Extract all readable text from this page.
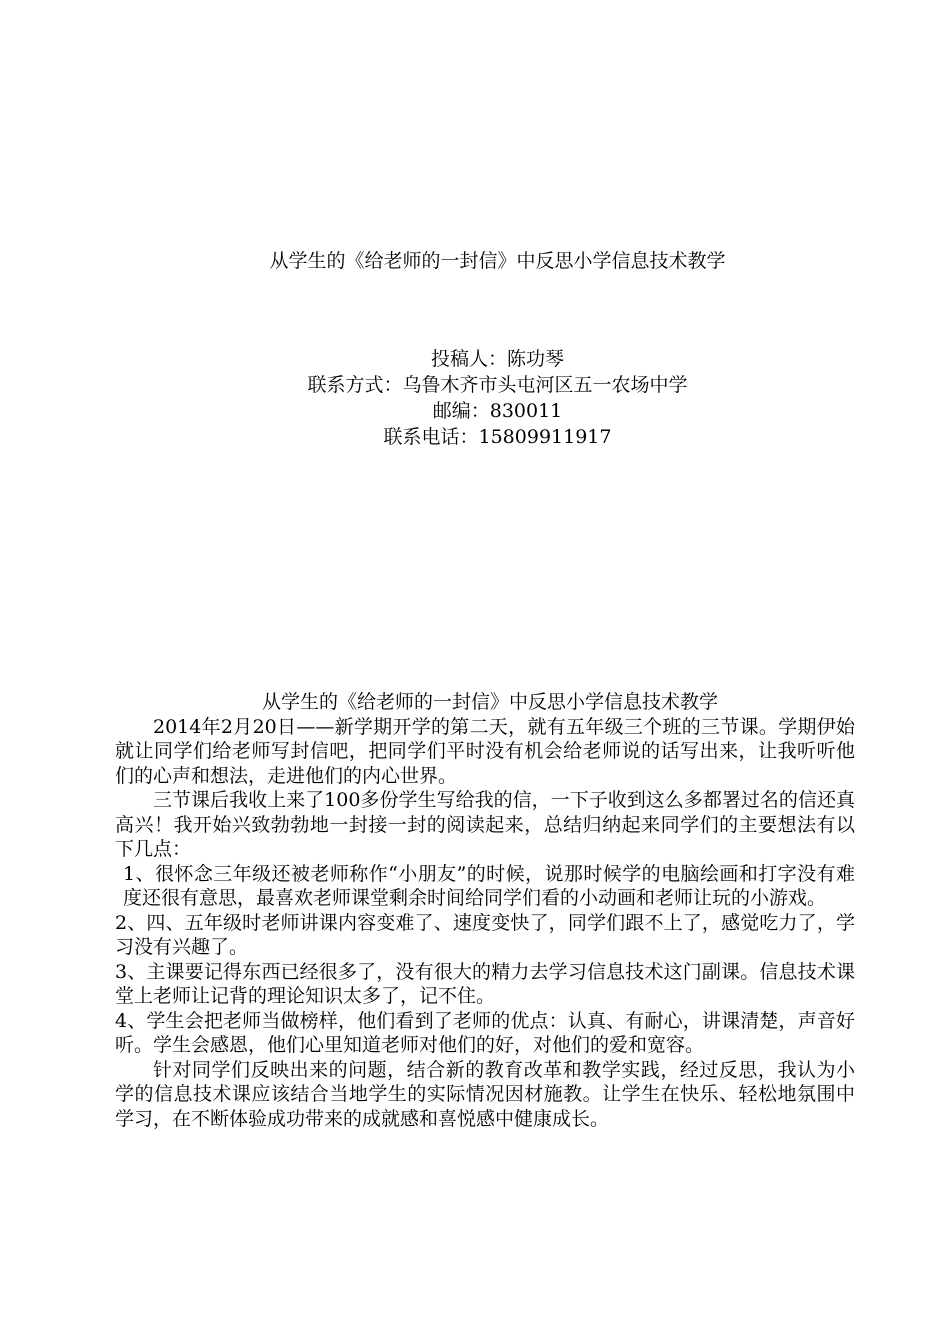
从学生的《给老师的一封信》中反思小学信息技术教学
投稿人：陈功琴
联系方式：乌鲁木齐市头屯河区五一农场中学
邮编：830011
联系电话：15809911917
从学生的《给老师的一封信》中反思小学信息技术教学

2014年2月20日——新学期开学的第二天，就有五年级三个班的三节课。学期伊始就让同学们给老师写封信吧，把同学们平时没有机会给老师说的话写出来，让我听听他们的心声和想法，走进他们的内心世界。

三节课后我收上来了100多份学生写给我的信，一下子收到这么多都署过名的信还真高兴！我开始兴致勃勃地一封接一封的阅读起来，总结归纳起来同学们的主要想法有以下几点：

1、很怀念三年级还被老师称作“小朋友”的时候，说那时候学的电脑绘画和打字没有难度还很有意思，最喜欢老师课堂剩余时间给同学们看的小动画和老师让玩的小游戏。

2、四、五年级时老师讲课内容变难了、速度变快了，同学们跟不上了，感觉吃力了，学习没有兴趣了。

3、主课要记得东西已经很多了，没有很大的精力去学习信息技术这门副课。信息技术课堂上老师让记背的理论知识太多了，记不住。

4、学生会把老师当做榜样，他们看到了老师的优点：认真、有耐心，讲课清楚，声音好听。学生会感恩，他们心里知道老师对他们的好，对他们的爱和宽容。

针对同学们反映出来的问题，结合新的教育改革和教学实践，经过反思，我认为小学的信息技术课应该结合当地学生的实际情况因材施教。让学生在快乐、轻松地氛围中学习，在不断体验成功带来的成就感和喜悦感中健康成长。
